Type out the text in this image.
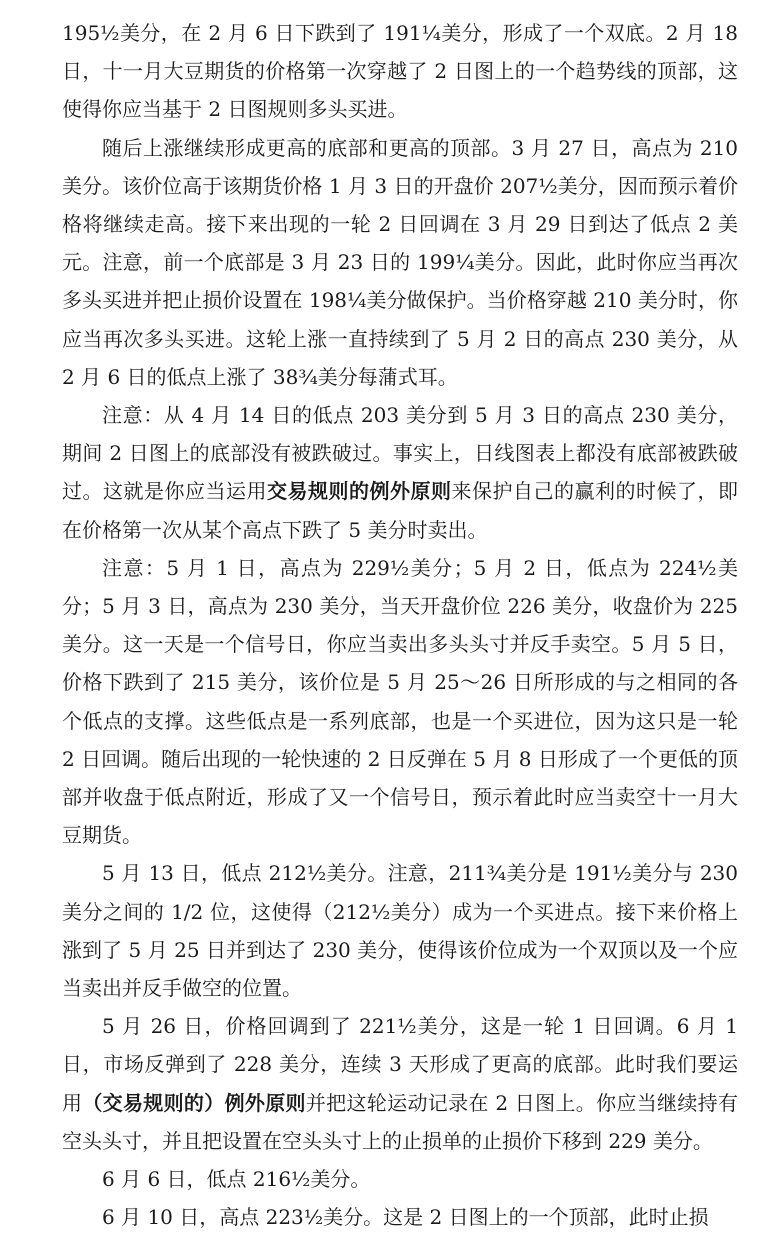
195½美分，在 2 月 6 日下跌到了 191¼美分，形成了一个双底。2 月 18 日，十一月大豆期货的价格第一次穿越了 2 日图上的一个趋势线的顶部，这使得你应当基于 2 日图规则多头买进。

随后上涨继续形成更高的底部和更高的顶部。3 月 27 日，高点为 210 美分。该价位高于该期货价格 1 月 3 日的开盘价 207½美分，因而预示着价格将继续走高。接下来出现的一轮 2 日回调在 3 月 29 日到达了低点 2 美元。注意，前一个底部是 3 月 23 日的 199¼美分。因此，此时你应当再次多头买进并把止损价设置在 198¼美分做保护。当价格穿越 210 美分时，你应当再次多头买进。这轮上涨一直持续到了 5 月 2 日的高点 230 美分，从 2 月 6 日的低点上涨了 38¾美分每蒲式耳。

注意：从 4 月 14 日的低点 203 美分到 5 月 3 日的高点 230 美分，期间 2 日图上的底部没有被跌破过。事实上，日线图表上都没有底部被跌破过。这就是你应当运用交易规则的例外原则来保护自己的赢利的时候了，即在价格第一次从某个高点下跌了 5 美分时卖出。

注意：5 月 1 日，高点为 229½美分；5 月 2 日，低点为 224½美分；5 月 3 日，高点为 230 美分，当天开盘价位 226 美分，收盘价为 225 美分。这一天是一个信号日，你应当卖出多头头寸并反手卖空。5 月 5 日，价格下跌到了 215 美分，该价位是 5 月 25～26 日所形成的与之相同的各个低点的支撑。这些低点是一系列底部，也是一个买进位，因为这只是一轮 2 日回调。随后出现的一轮快速的 2 日反弹在 5 月 8 日形成了一个更低的顶部并收盘于低点附近，形成了又一个信号日，预示着此时应当卖空十一月大豆期货。

5 月 13 日，低点 212½美分。注意，211¾美分是 191½美分与 230 美分之间的 1/2 位，这使得（212½美分）成为一个买进点。接下来价格上涨到了 5 月 25 日并到达了 230 美分，使得该价位成为一个双顶以及一个应当卖出并反手做空的位置。

5 月 26 日，价格回调到了 221½美分，这是一轮 1 日回调。6 月 1 日，市场反弹到了 228 美分，连续 3 天形成了更高的底部。此时我们要运用（交易规则的）例外原则并把这轮运动记录在 2 日图上。你应当继续持有空头头寸，并且把设置在空头头寸上的止损单的止损价下移到 229 美分。

6 月 6 日，低点 216½美分。

6 月 10 日，高点 223½美分。这是 2 日图上的一个顶部，此时止损
